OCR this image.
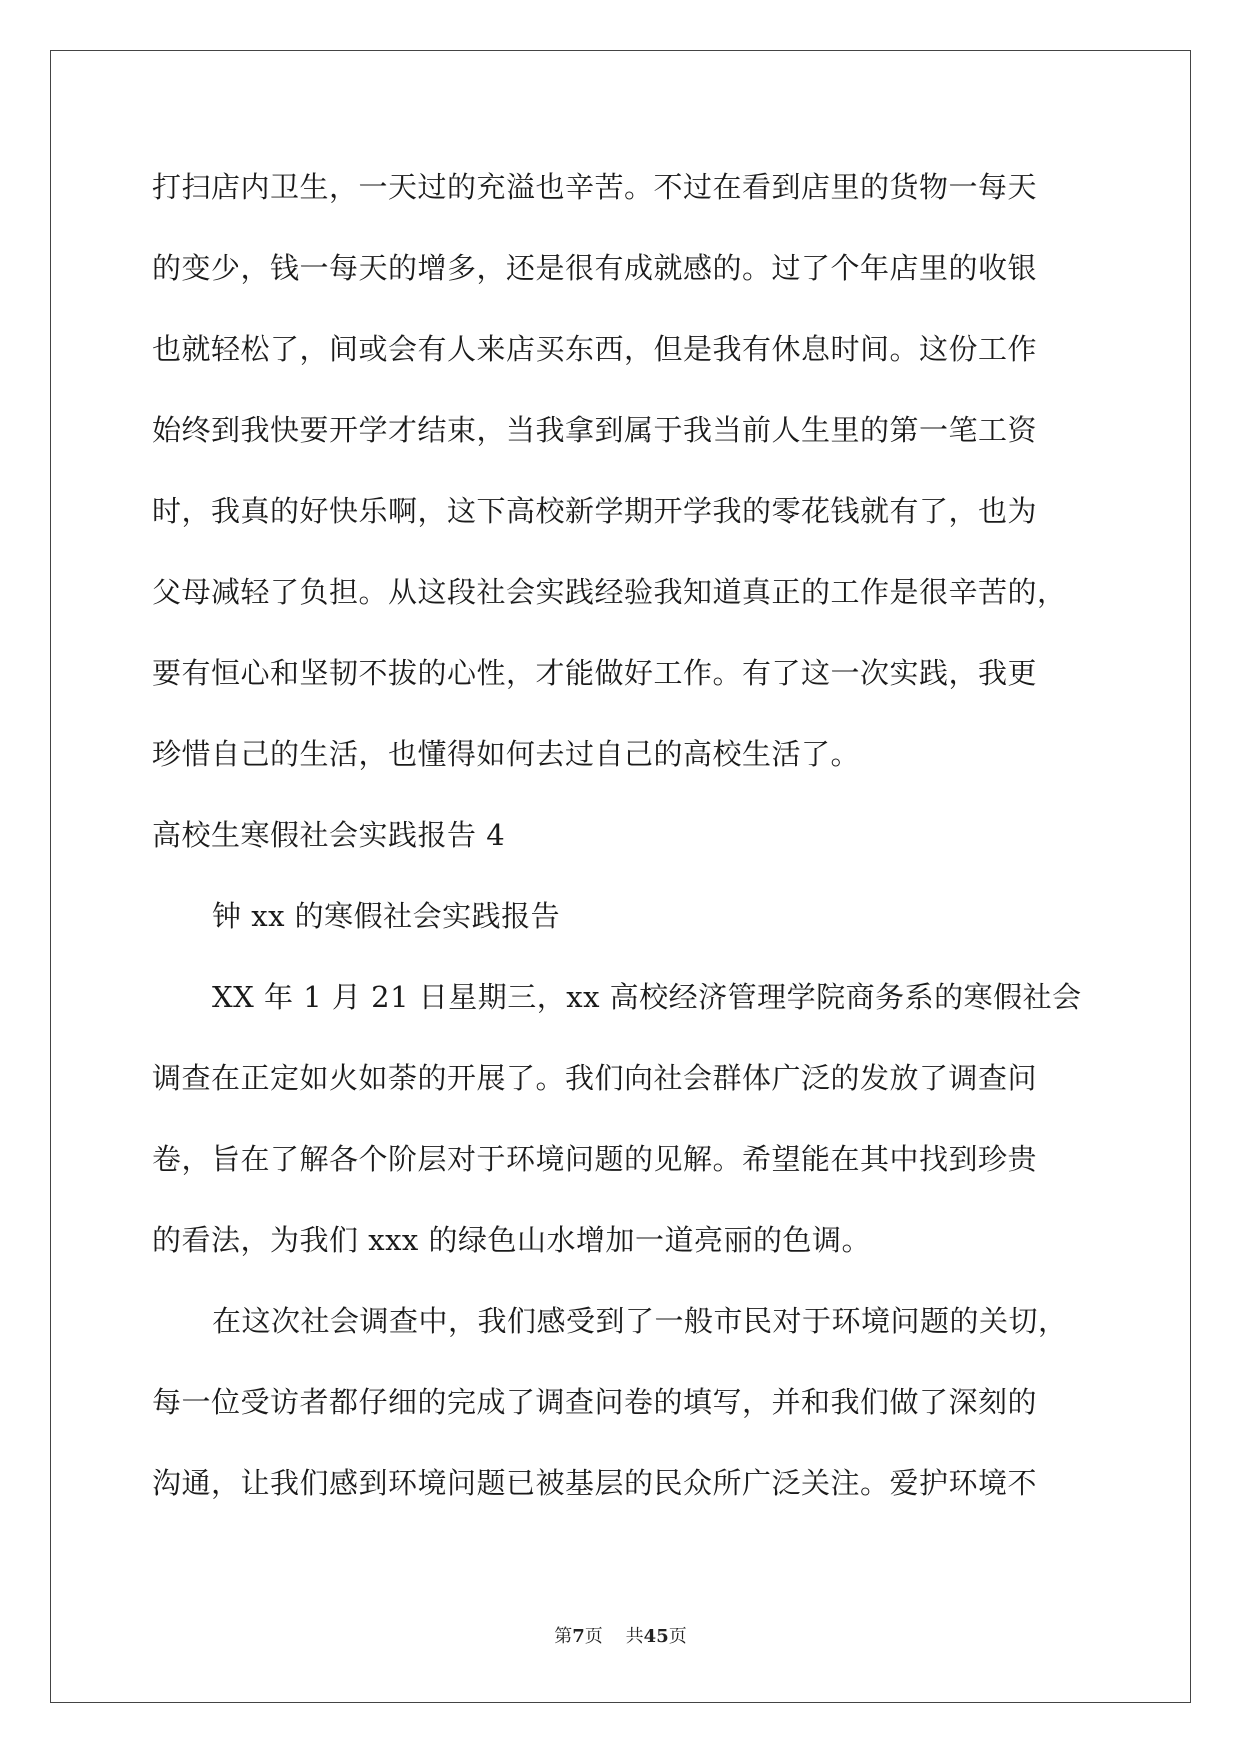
打扫店内卫生，一天过的充溢也辛苦。不过在看到店里的货物一每天

的变少，钱一每天的增多，还是很有成就感的。过了个年店里的收银

也就轻松了，间或会有人来店买东西，但是我有休息时间。这份工作

始终到我快要开学才结束，当我拿到属于我当前人生里的第一笔工资

时，我真的好快乐啊，这下高校新学期开学我的零花钱就有了，也为

父母减轻了负担。从这段社会实践经验我知道真正的工作是很辛苦的，

要有恒心和坚韧不拔的心性，才能做好工作。有了这一次实践，我更

珍惜自己的生活，也懂得如何去过自己的高校生活了。

高校生寒假社会实践报告 4

钟 xx 的寒假社会实践报告

XX 年 1 月 21 日星期三，xx 高校经济管理学院商务系的寒假社会

调查在正定如火如荼的开展了。我们向社会群体广泛的发放了调查问

卷，旨在了解各个阶层对于环境问题的见解。希望能在其中找到珍贵

的看法，为我们 xxx 的绿色山水增加一道亮丽的色调。

在这次社会调查中，我们感受到了一般市民对于环境问题的关切，

每一位受访者都仔细的完成了调查问卷的填写，并和我们做了深刻的

沟通，让我们感到环境问题已被基层的民众所广泛关注。爱护环境不

第7页 共45页
